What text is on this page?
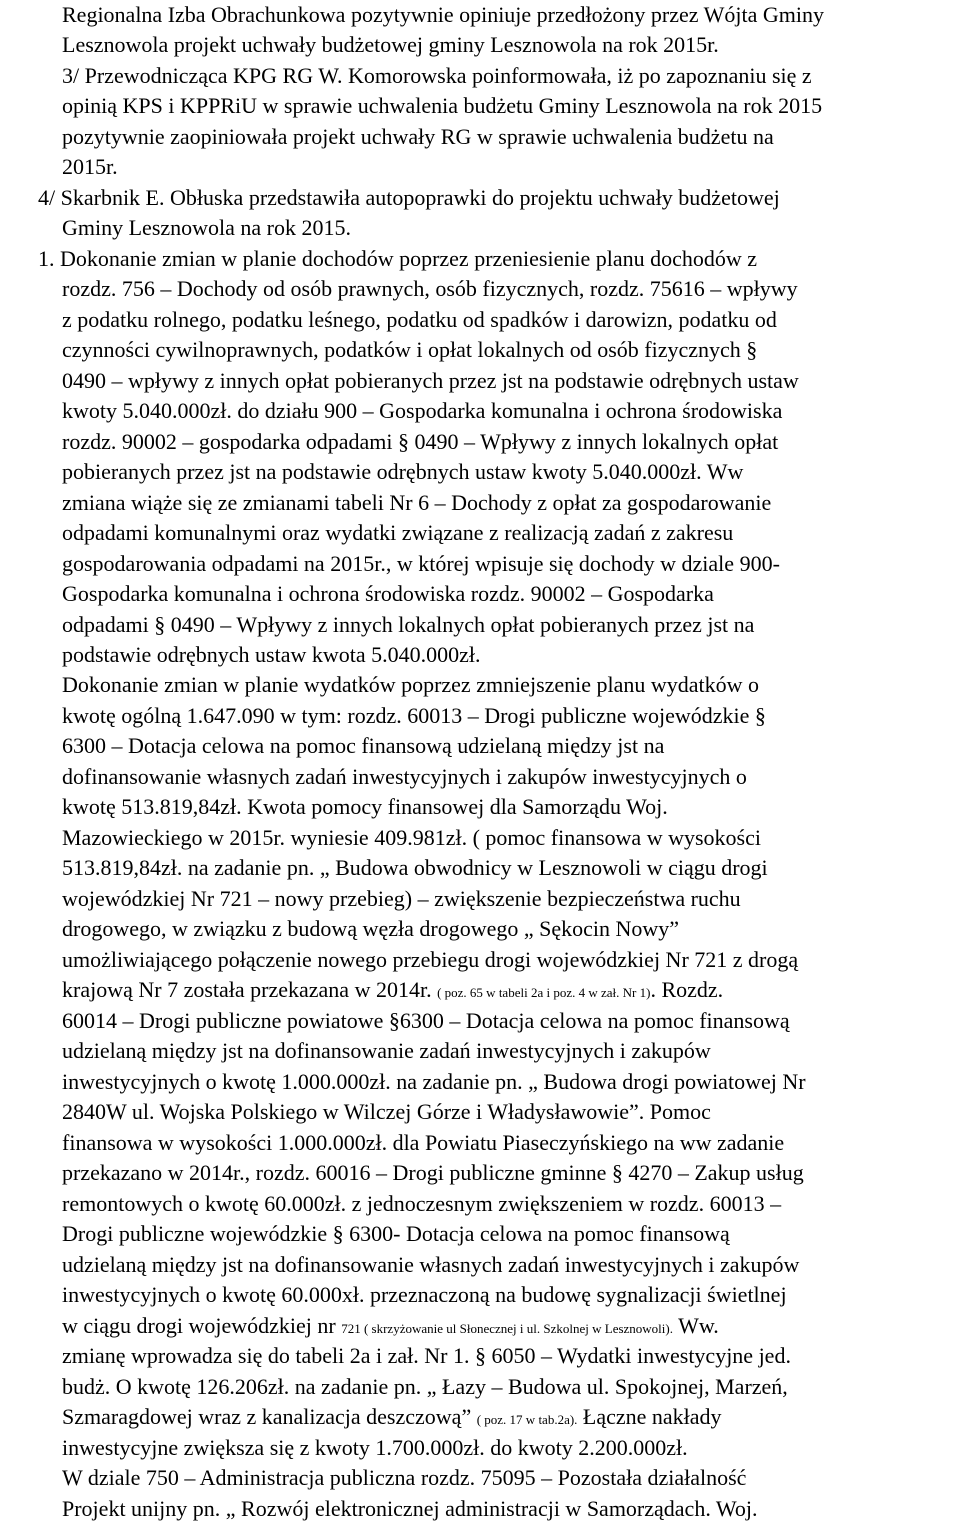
Regionalna Izba Obrachunkowa pozytywnie opiniuje przedłożony przez Wójta Gminy
Lesznowola projekt uchwały budżetowej gminy Lesznowola na rok 2015r.
3/ Przewodnicząca KPG RG W. Komorowska poinformowała, iż po zapoznaniu się z
opinią KPS i KPPRiU w sprawie uchwalenia budżetu Gminy Lesznowola na rok 2015
pozytywnie zaopiniowała projekt uchwały RG w sprawie uchwalenia budżetu na
2015r.
4/ Skarbnik E. Obłuska przedstawiła autopoprawki do projektu uchwały budżetowej
Gminy Lesznowola na rok 2015.
1. Dokonanie zmian w planie dochodów poprzez przeniesienie planu dochodów z
rozdz. 756 – Dochody od osób prawnych, osób fizycznych, rozdz. 75616 – wpływy
z podatku rolnego, podatku leśnego, podatku od spadków i darowizn, podatku od
czynności cywilnoprawnych, podatków i opłat lokalnych od osób fizycznych §
0490 – wpływy z innych opłat pobieranych przez jst na podstawie odrębnych ustaw
kwoty 5.040.000zł. do działu 900 – Gospodarka komunalna i ochrona środowiska
rozdz. 90002 – gospodarka odpadami § 0490 – Wpływy z innych lokalnych opłat
pobieranych przez jst na podstawie odrębnych ustaw kwoty 5.040.000zł. Ww
zmiana wiąże się ze zmianami tabeli Nr 6 – Dochody z opłat za gospodarowanie
odpadami komunalnymi oraz wydatki związane z realizacją zadań z zakresu
gospodarowania odpadami na 2015r., w której wpisuje się dochody w dziale 900-
Gospodarka komunalna i ochrona środowiska rozdz. 90002 – Gospodarka
odpadami § 0490 – Wpływy z innych lokalnych opłat pobieranych przez jst na
podstawie odrębnych ustaw kwota 5.040.000zł.
Dokonanie zmian w planie wydatków poprzez zmniejszenie planu wydatków o
kwotę ogólną 1.647.090 w tym: rozdz. 60013 – Drogi publiczne wojewódzkie §
6300 – Dotacja celowa na pomoc finansową udzielaną między jst na
dofinansowanie własnych zadań inwestycyjnych i zakupów inwestycyjnych o
kwotę 513.819,84zł. Kwota pomocy finansowej dla Samorządu Woj.
Mazowieckiego w 2015r. wyniesie 409.981zł. ( pomoc finansowa w wysokości
513.819,84zł. na zadanie pn. „ Budowa obwodnicy w Lesznowoli w ciągu drogi
wojewódzkiej Nr 721 – nowy przebieg) – zwiększenie bezpieczeństwa ruchu
drogowego, w związku z budową węzła drogowego „ Sękocin Nowy”
umożliwiającego połączenie nowego przebiegu drogi wojewódzkiej Nr 721 z drogą
krajową Nr 7 została przekazana w 2014r. ( poz. 65 w tabeli 2a i poz. 4 w zał. Nr 1). Rozdz.
60014 – Drogi publiczne powiatowe §6300 – Dotacja celowa na pomoc finansową
udzielaną między jst na dofinansowanie zadań inwestycyjnych i zakupów
inwestycyjnych o kwotę 1.000.000zł. na zadanie pn. „ Budowa drogi powiatowej Nr
2840W ul. Wojska Polskiego w Wilczej Górze i Władysławowie”. Pomoc
finansowa w wysokości 1.000.000zł. dla Powiatu Piaseczyńskiego na ww zadanie
przekazano w 2014r., rozdz. 60016 – Drogi publiczne gminne § 4270 – Zakup usług
remontowych o kwotę 60.000zł. z jednoczesnym zwiększeniem w rozdz. 60013 –
Drogi publiczne wojewódzkie § 6300- Dotacja celowa na pomoc finansową
udzielaną między jst na dofinansowanie własnych zadań inwestycyjnych i zakupów
inwestycyjnych o kwotę 60.000xł. przeznaczoną na budowę sygnalizacji świetlnej
w ciągu drogi wojewódzkiej nr 721 ( skrzyżowanie ul Słonecznej i ul. Szkolnej w Lesznowoli). Ww.
zmianę wprowadza się do tabeli 2a i zał. Nr 1. § 6050 – Wydatki inwestycyjne jed.
budż. O kwotę 126.206zł. na zadanie pn. „ Łazy – Budowa ul. Spokojnej, Marzeń,
Szmaragdowej wraz z kanalizacja deszczową” ( poz. 17 w tab.2a). Łączne nakłady
inwestycyjne zwiększa się z kwoty 1.700.000zł. do kwoty 2.200.000zł.
W dziale 750 – Administracja publiczna rozdz. 75095 – Pozostała działalność
Projekt unijny pn. „ Rozwój elektronicznej administracji w Samorządach. Woj.
